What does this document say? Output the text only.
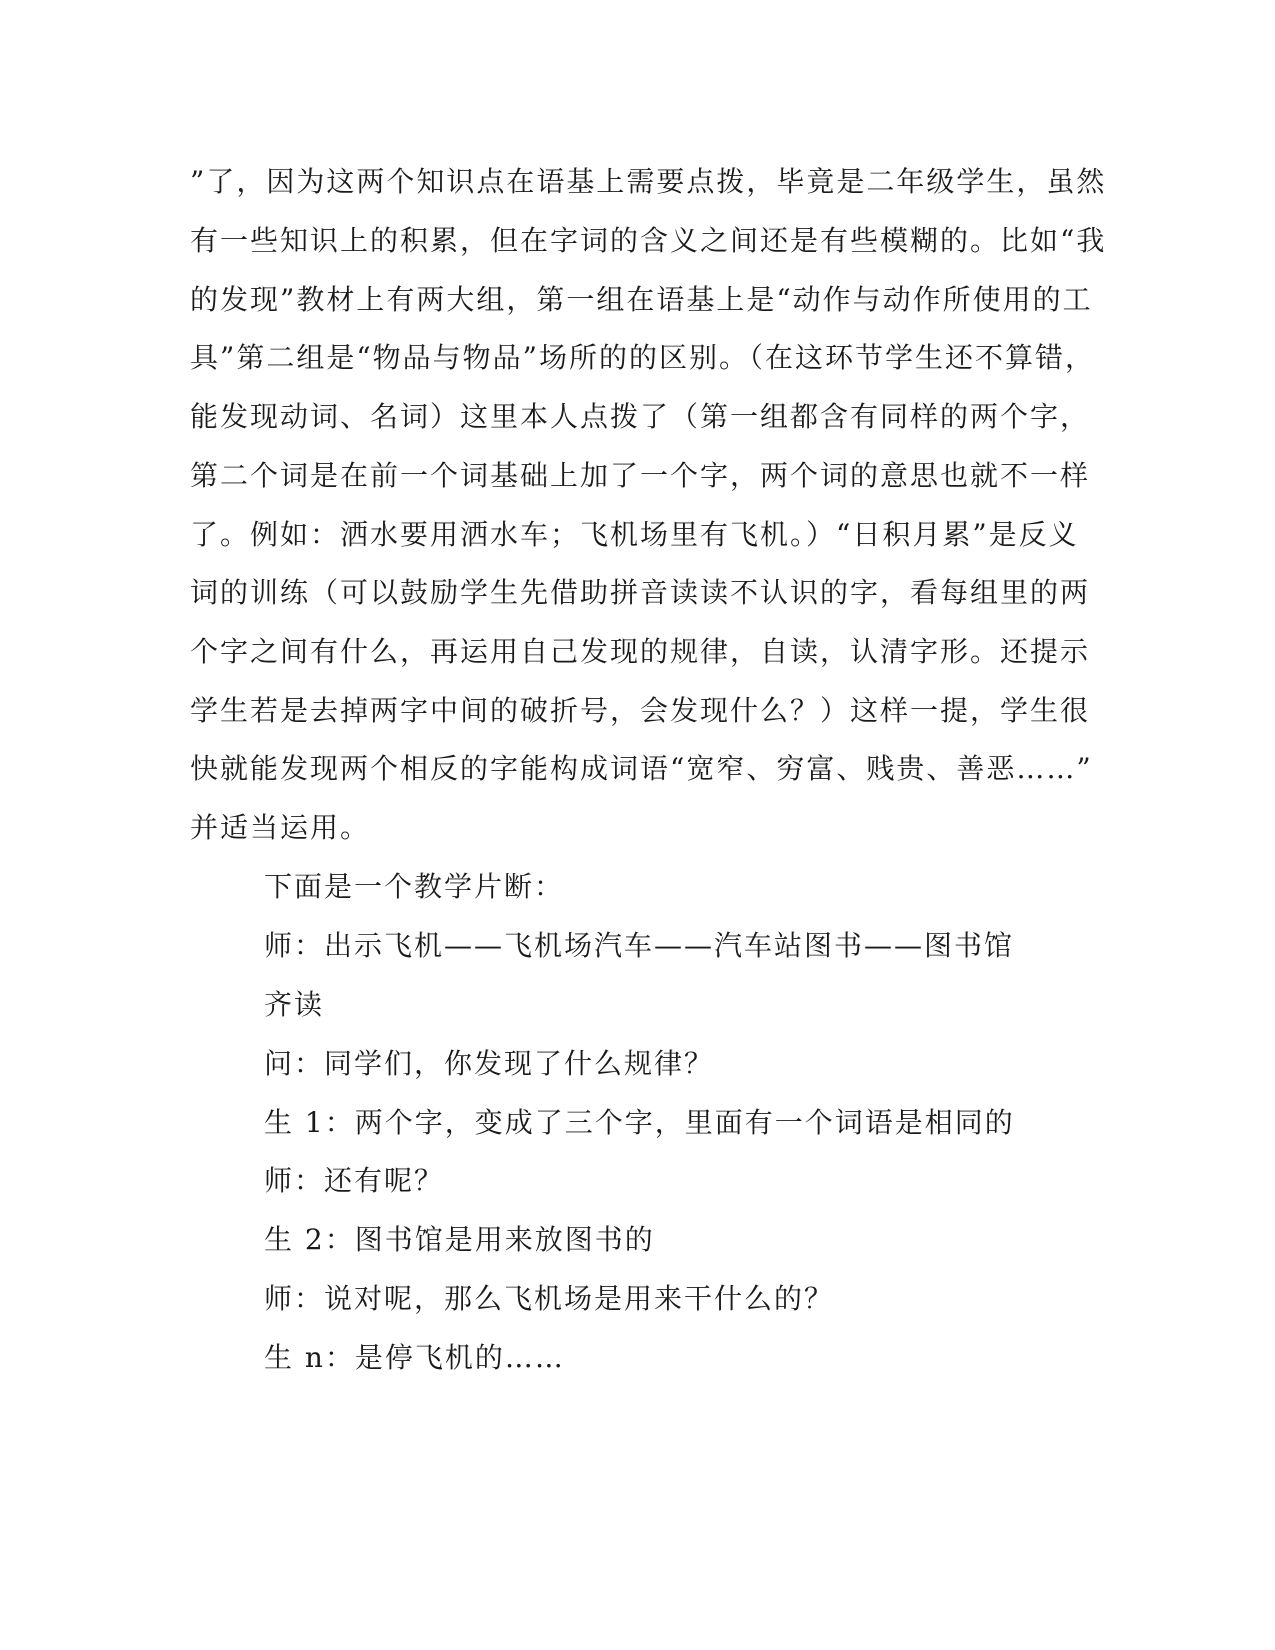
”了，因为这两个知识点在语基上需要点拨，毕竟是二年级学生，虽然
有一些知识上的积累，但在字词的含义之间还是有些模糊的。比如“我
的发现”教材上有两大组，第一组在语基上是“动作与动作所使用的工
具”第二组是“物品与物品”场所的的区别。（在这环节学生还不算错，
能发现动词、名词）这里本人点拨了（第一组都含有同样的两个字，
第二个词是在前一个词基础上加了一个字，两个词的意思也就不一样
了。例如：洒水要用洒水车；飞机场里有飞机。）“日积月累”是反义
词的训练（可以鼓励学生先借助拼音读读不认识的字，看每组里的两
个字之间有什么，再运用自己发现的规律，自读，认清字形。还提示
学生若是去掉两字中间的破折号，会发现什么？）这样一提，学生很
快就能发现两个相反的字能构成词语“宽窄、穷富、贱贵、善恶……”
并适当运用。
下面是一个教学片断：
师：出示飞机——飞机场汽车——汽车站图书——图书馆
齐读
问：同学们，你发现了什么规律？
生 1：两个字，变成了三个字，里面有一个词语是相同的
师：还有呢？
生 2：图书馆是用来放图书的
师：说对呢，那么飞机场是用来干什么的？
生 n：是停飞机的……
